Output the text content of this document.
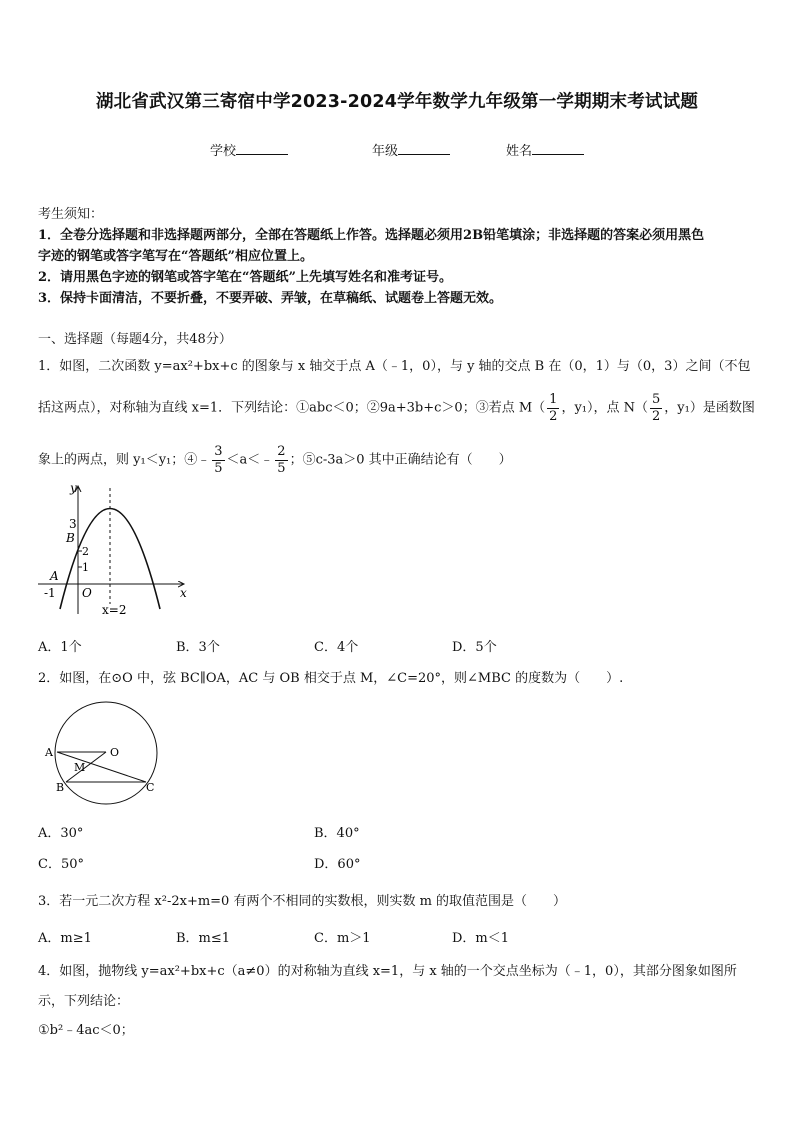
湖北省武汉第三寄宿中学2023-2024学年数学九年级第一学期期末考试试题
学校	年级	姓名
考生须知：
1．全卷分选择题和非选择题两部分，全部在答题纸上作答。选择题必须用2B铅笔填涂；非选择题的答案必须用黑色
字迹的钢笔或答字笔写在“答题纸”相应位置上。
2．请用黑色字迹的钢笔或答字笔在“答题纸”上先填写姓名和准考证号。
3．保持卡面清洁，不要折叠，不要弄破、弄皱，在草稿纸、试题卷上答题无效。
一、选择题（每题4分，共48分）
1．如图，二次函数 y=ax²+bx+c 的图象与 x 轴交于点 A（﹣1，0），与 y 轴的交点 B 在（0，1）与（0，3）之间（不包
括这两点），对称轴为直线 x=1．下列结论：①abc＜0；②9a+3b+c＞0；③若点 $M( \frac{1}{2}$ ，y₁），点 $N( \frac{5}{2}$ ，y₁）是函数图
象上的两点，则 y₁＜y₁；④﹣ $\frac{3}{5}$ ＜a＜﹣ $\frac{2}{5}$ ；⑤c-3a＞0 其中正确结论有（　　）
y
x
3
B
2
1
A
-1 O
x=2
A．1个	B．3个	C．4个	D．5个
2．如图，在⊙O 中，弦 BC∥OA，AC 与 OB 相交于点 M，∠C=20°，则∠MBC 的度数为（　　）.
A	O
M
B	C
A．30°	B．40°
C．50°	D．60°
3．若一元二次方程 x²-2x+m=0 有两个不相同的实数根，则实数 m 的取值范围是（　　）
A．m≥1	B．m≤1	C．m＞1	D．m＜1
4．如图，抛物线 y=ax²+bx+c（a≠0）的对称轴为直线 x=1，与 x 轴的一个交点坐标为（﹣1，0），其部分图象如图所
示，下列结论：
①b²﹣4ac＜0；
